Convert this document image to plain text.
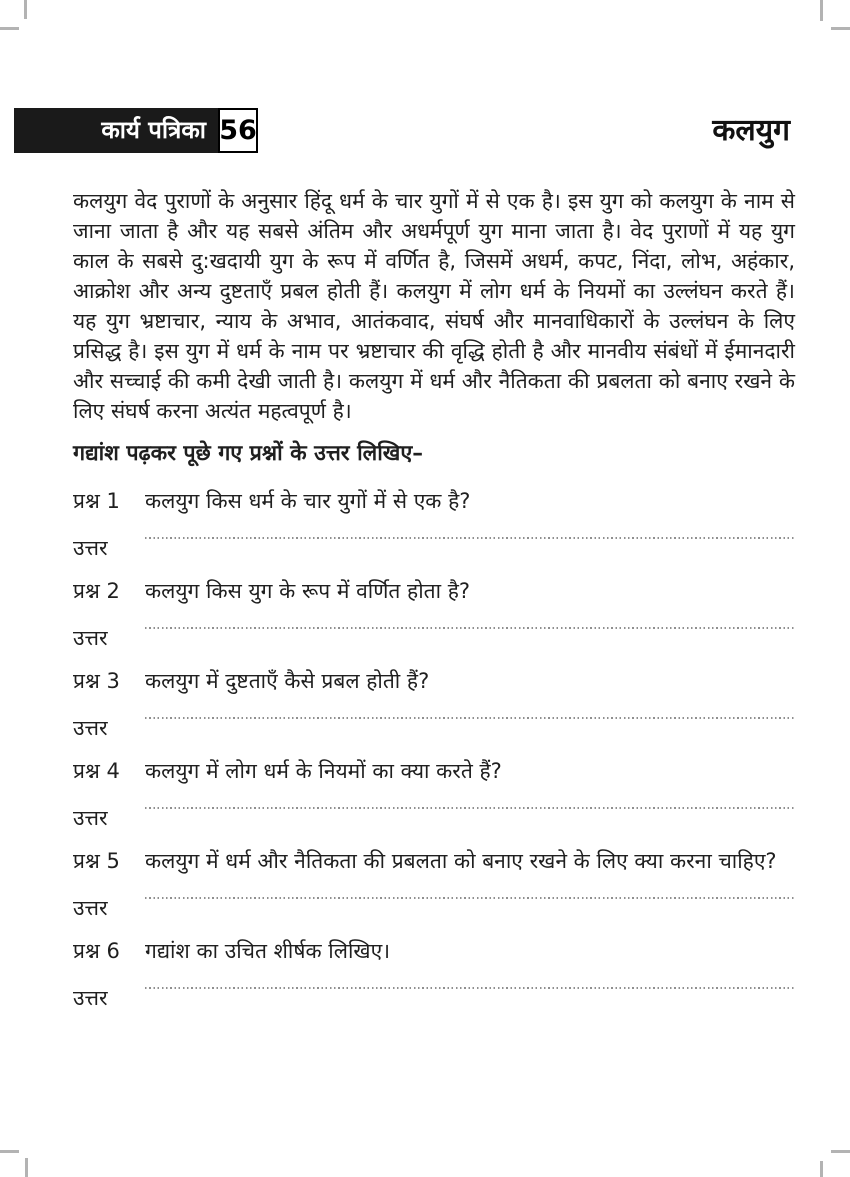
कार्य पत्रिका 56	कलयुग

कलयुग वेद पुराणों के अनुसार हिंदू धर्म के चार युगों में से एक है। इस युग को कलयुग के नाम से जाना जाता है और यह सबसे अंतिम और अधर्मपूर्ण युग माना जाता है। वेद पुराणों में यह युग काल के सबसे दु:खदायी युग के रूप में वर्णित है, जिसमें अधर्म, कपट, निंदा, लोभ, अहंकार, आक्रोश और अन्य दुष्टताएँ प्रबल होती हैं। कलयुग में लोग धर्म के नियमों का उल्लंघन करते हैं। यह युग भ्रष्टाचार, न्याय के अभाव, आतंकवाद, संघर्ष और मानवाधिकारों के उल्लंघन के लिए प्रसिद्ध है। इस युग में धर्म के नाम पर भ्रष्टाचार की वृद्धि होती है और मानवीय संबंधों में ईमानदारी और सच्चाई की कमी देखी जाती है। कलयुग में धर्म और नैतिकता की प्रबलता को बनाए रखने के लिए संघर्ष करना अत्यंत महत्वपूर्ण है।

गद्यांश पढ़कर पूछे गए प्रश्नों के उत्तर लिखिए–
प्रश्न 1	कलयुग किस धर्म के चार युगों में से एक है?
उत्तर
प्रश्न 2	कलयुग किस युग के रूप में वर्णित होता है?
उत्तर
प्रश्न 3	कलयुग में दुष्टताएँ कैसे प्रबल होती हैं?
उत्तर
प्रश्न 4	कलयुग में लोग धर्म के नियमों का क्या करते हैं?
उत्तर
प्रश्न 5	कलयुग में धर्म और नैतिकता की प्रबलता को बनाए रखने के लिए क्या करना चाहिए?
उत्तर
प्रश्न 6	गद्यांश का उचित शीर्षक लिखिए।
उत्तर
